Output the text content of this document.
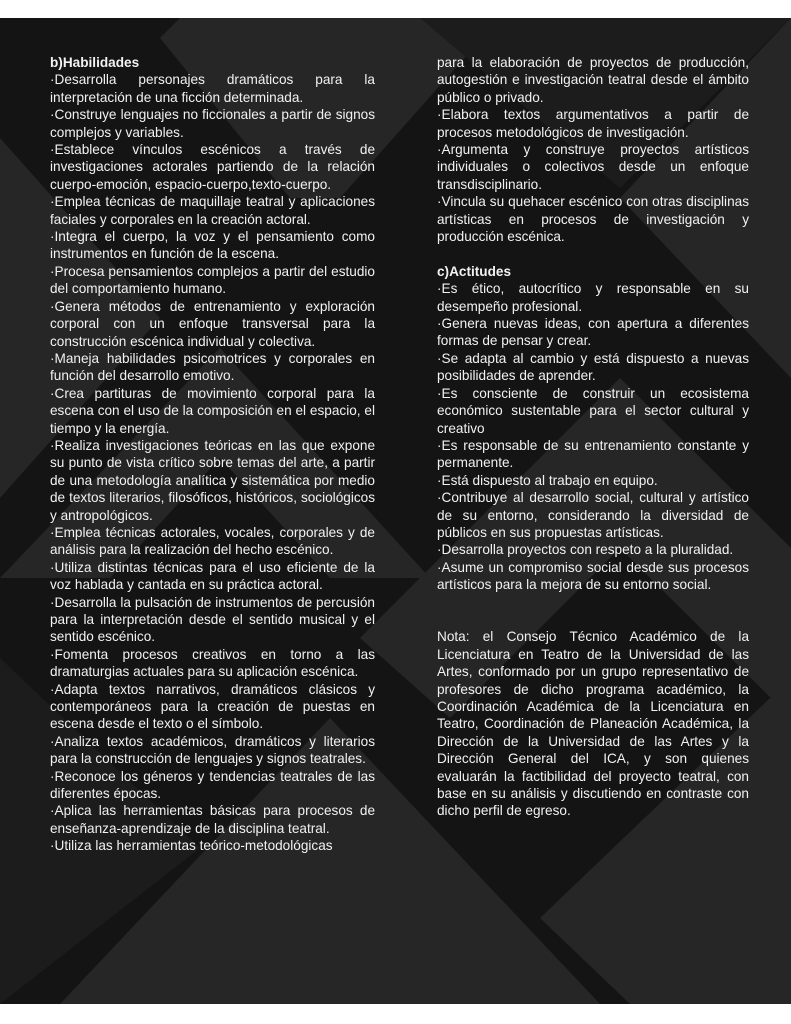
b)Habilidades

·Desarrolla personajes dramáticos para la interpretación de una ficción determinada.

·Construye lenguajes no ficcionales a partir de signos complejos y variables.

·Establece vínculos escénicos a través de investigaciones actorales partiendo de la relación cuerpo-emoción, espacio-cuerpo,texto-cuerpo.

·Emplea técnicas de maquillaje teatral y aplicaciones faciales y corporales en la creación actoral.

·Integra el cuerpo, la voz y el pensamiento como instrumentos en función de la escena.

·Procesa pensamientos complejos a partir del estudio del comportamiento humano.

·Genera métodos de entrenamiento y exploración corporal con un enfoque transversal para la construcción escénica individual y colectiva.

·Maneja habilidades psicomotrices y corporales en función del desarrollo emotivo.

·Crea partituras de movimiento corporal para la escena con el uso de la composición en el espacio, el tiempo y la energía.

·Realiza investigaciones teóricas en las que expone su punto de vista crítico sobre temas del arte, a partir de una metodología analítica y sistemática por medio de textos literarios, filosóficos, históricos, sociológicos y antropológicos.

·Emplea técnicas actorales, vocales, corporales y de análisis para la realización del hecho escénico.

·Utiliza distintas técnicas para el uso eficiente de la voz hablada y cantada en su práctica actoral.

·Desarrolla la pulsación de instrumentos de percusión para la interpretación desde el sentido musical y el sentido escénico.

·Fomenta procesos creativos en torno a las dramaturgias actuales para su aplicación escénica.

·Adapta textos narrativos, dramáticos clásicos y contemporáneos para la creación de puestas en escena desde el texto o el símbolo.

·Analiza textos académicos, dramáticos y literarios para la construcción de lenguajes y signos teatrales.

·Reconoce los géneros y tendencias teatrales de las diferentes épocas.

·Aplica las herramientas básicas para procesos de enseñanza-aprendizaje de la disciplina teatral.

·Utiliza las herramientas teórico-metodológicas

para la elaboración de proyectos de producción, autogestión e investigación teatral desde el ámbito público o privado.

·Elabora textos argumentativos a partir de procesos metodológicos de investigación.

·Argumenta y construye proyectos artísticos individuales o colectivos desde un enfoque transdisciplinario.

·Vincula su quehacer escénico con otras disciplinas artísticas en procesos de investigación y producción escénica.

c)Actitudes

·Es ético, autocrítico y responsable en su desempeño profesional.

·Genera nuevas ideas, con apertura a diferentes formas de pensar y crear.

·Se adapta al cambio y está dispuesto a nuevas posibilidades de aprender.

·Es consciente de construir un ecosistema económico sustentable para el sector cultural y creativo

·Es responsable de su entrenamiento constante y permanente.

·Está dispuesto al trabajo en equipo.

·Contribuye al desarrollo social, cultural y artístico de su entorno, considerando la diversidad de públicos en sus propuestas artísticas.

·Desarrolla proyectos con respeto a la pluralidad.

·Asume un compromiso social desde sus procesos artísticos para la mejora de su entorno social.

Nota: el Consejo Técnico Académico de la Licenciatura en Teatro de la Universidad de las Artes, conformado por un grupo representativo de profesores de dicho programa académico, la Coordinación Académica de la Licenciatura en Teatro, Coordinación de Planeación Académica, la Dirección de la Universidad de las Artes y la Dirección General del ICA, y son quienes evaluarán la factibilidad del proyecto teatral, con base en su análisis y discutiendo en contraste con dicho perfil de egreso.
